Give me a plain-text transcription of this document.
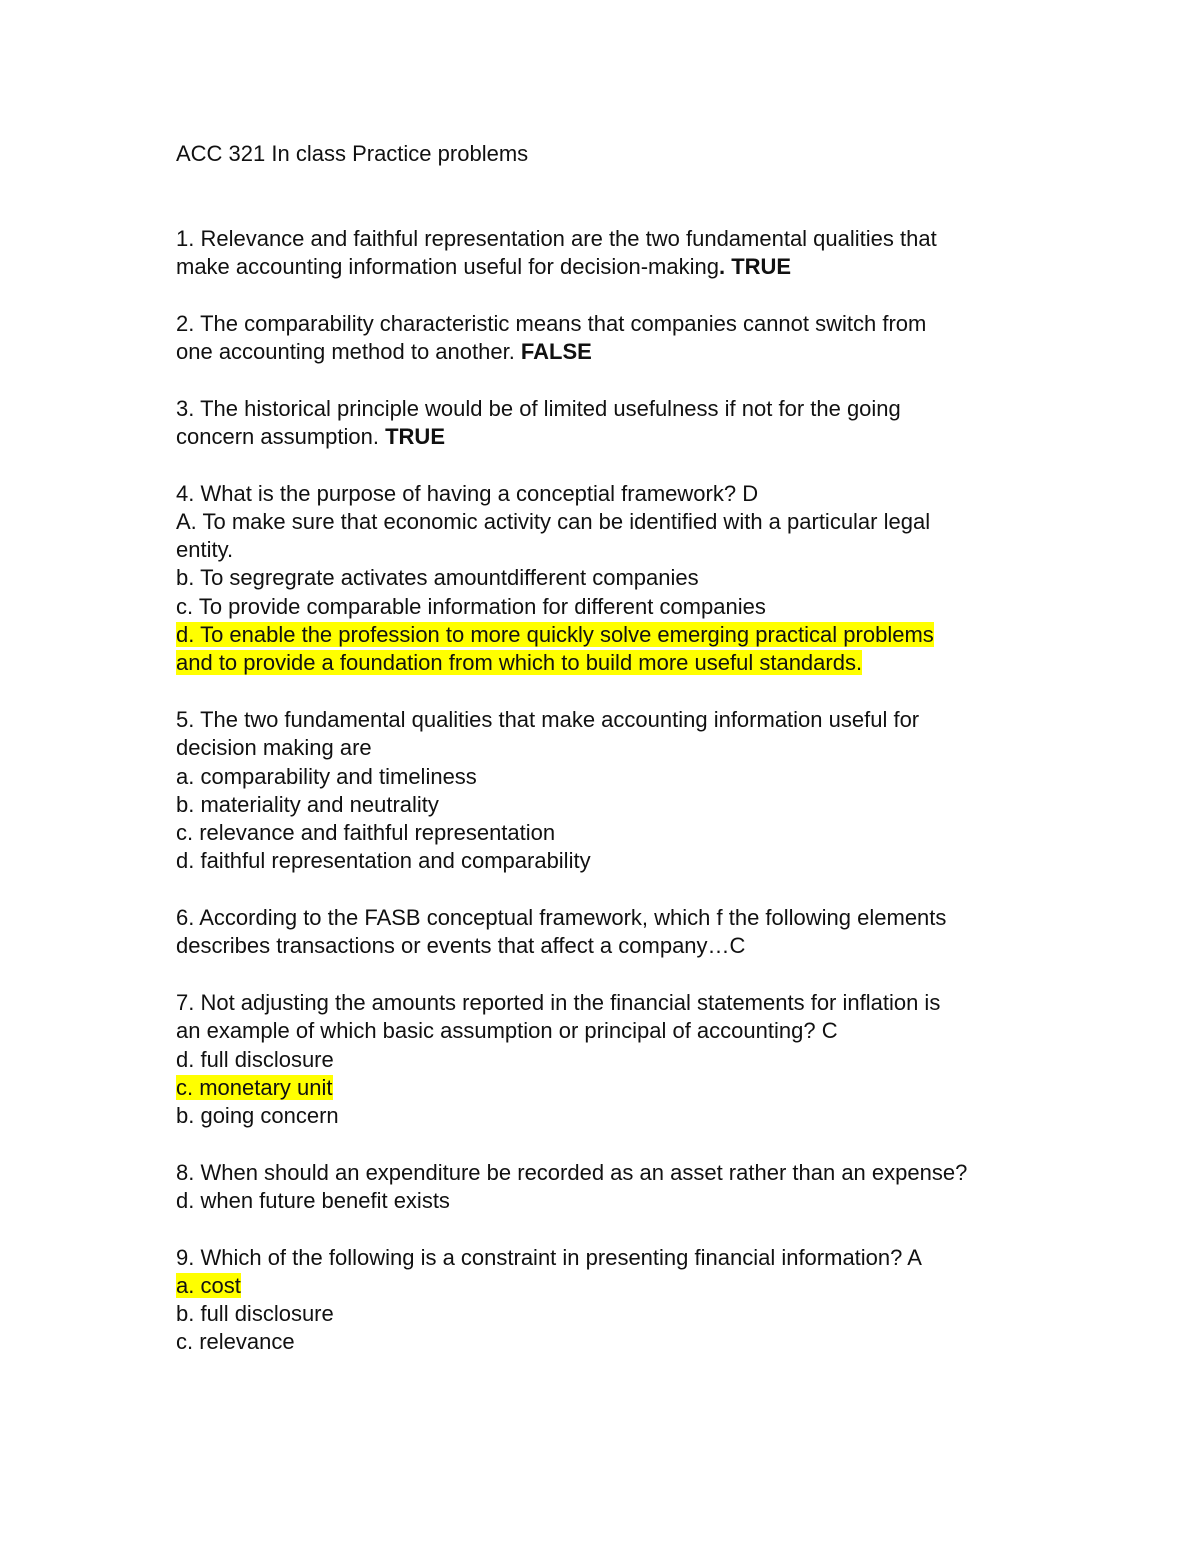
ACC 321 In class Practice problems
1. Relevance and faithful representation are the two fundamental qualities that
make accounting information useful for decision-making. TRUE
2. The comparability characteristic means that companies cannot switch from
one accounting method to another. FALSE
3. The historical principle would be of limited usefulness if not for the going
concern assumption. TRUE
4. What is the purpose of having a conceptial framework? D
A. To make sure that economic activity can be identified with a particular legal
entity.
b. To segregrate activates amountdifferent companies
c. To provide comparable information for different companies
d. To enable the profession to more quickly solve emerging practical problems
and to provide a foundation from which to build more useful standards.
5. The two fundamental qualities that make accounting information useful for
decision making are
a. comparability and timeliness
b. materiality and neutrality
c. relevance and faithful representation
d. faithful representation and comparability
6. According to the FASB conceptual framework, which f the following elements
describes transactions or events that affect a company…C
7. Not adjusting the amounts reported in the financial statements for inflation is
an example of which basic assumption or principal of accounting? C
d. full disclosure
c. monetary unit
b. going concern
8. When should an expenditure be recorded as an asset rather than an expense?
d. when future benefit exists
9. Which of the following is a constraint in presenting financial information? A
a. cost
b. full disclosure
c. relevance
